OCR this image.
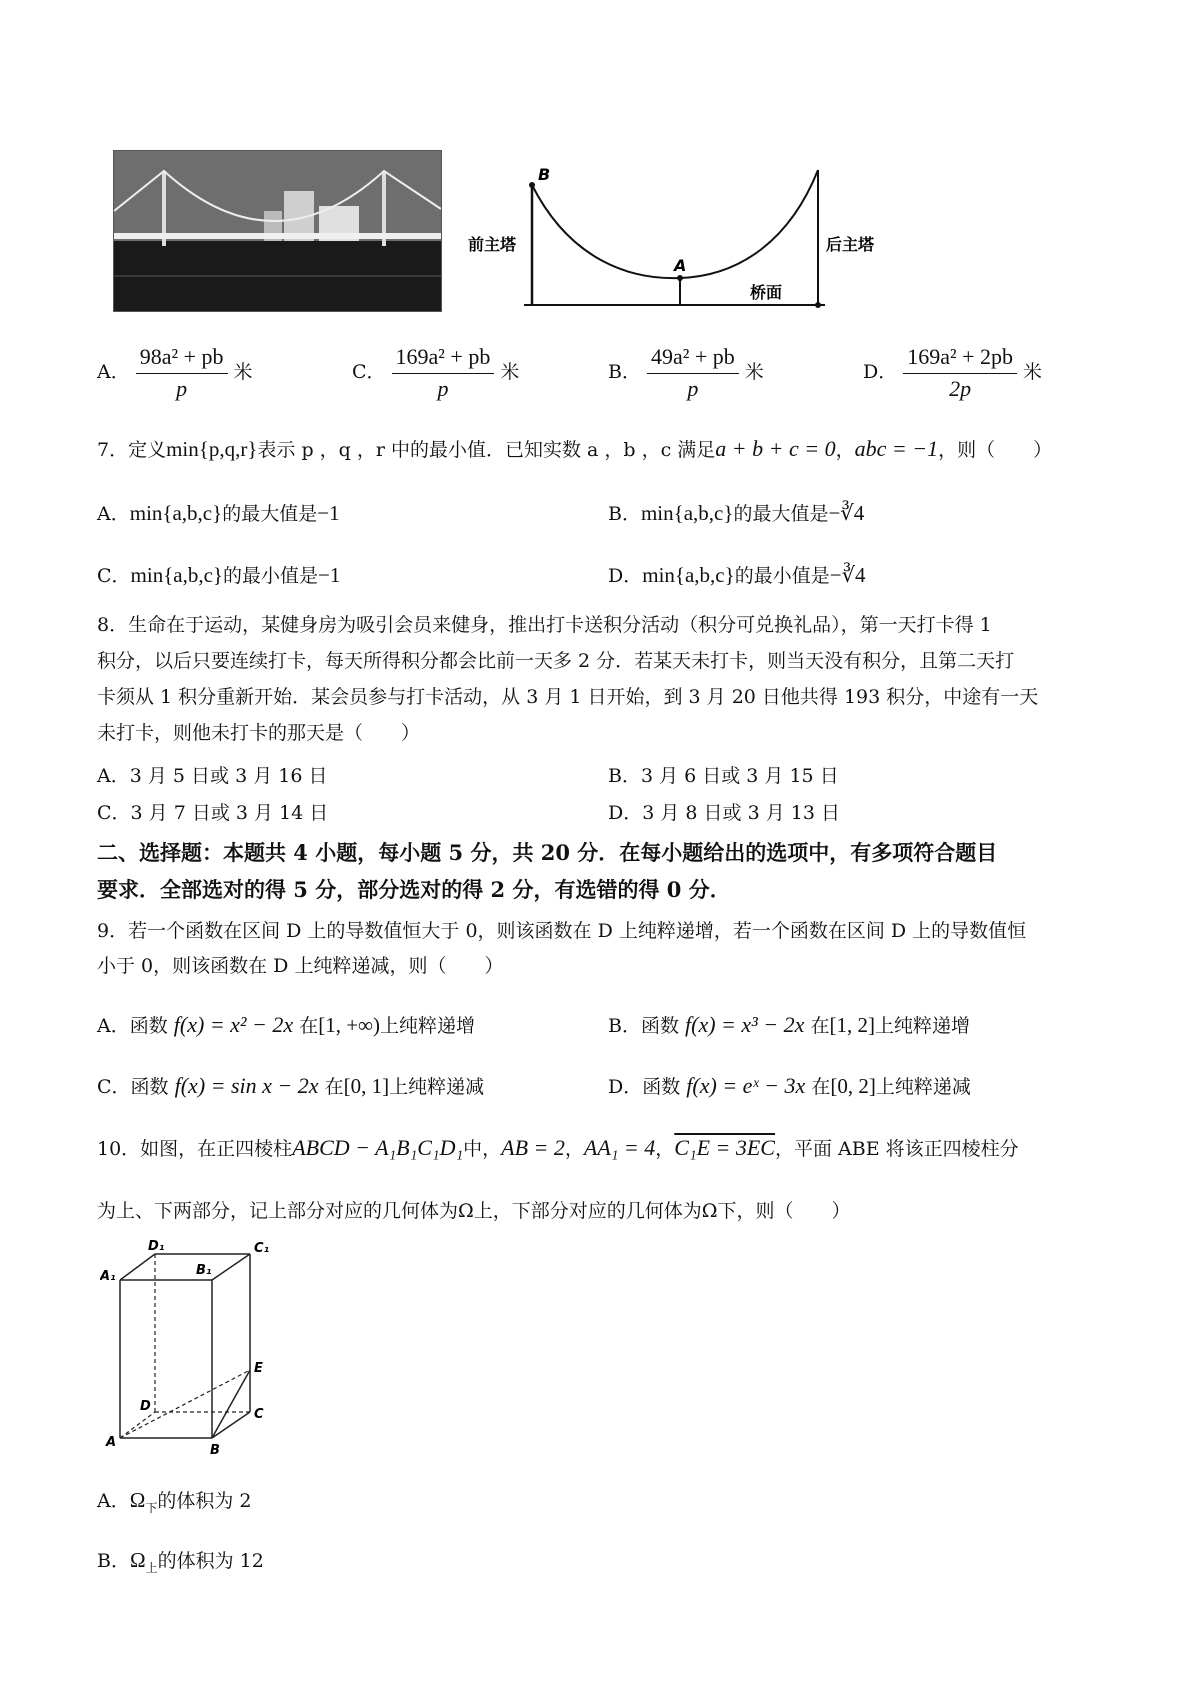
B
A
前主塔	后主塔
桥面
A． $\frac{\text{98a² + pb}}{p}$ 米	C． $\frac{\text{169a² + pb}}{p}$ 米	B． $\frac{\text{49a² + pb}}{p}$ 米	D． $\frac{\text{169a² + 2pb}}{2p}$ 米
7．定义min{p,q,r}表示 p ，q ，r 中的最小值．已知实数 a ，b ，c 满足a + b + c = 0，abc = −1，则（　　）
A．min{a,b,c}的最大值是−1	B．min{a,b,c}的最大值是−∛4
C．min{a,b,c}的最小值是−1	D．min{a,b,c}的最小值是−∛4
8．生命在于运动，某健身房为吸引会员来健身，推出打卡送积分活动（积分可兑换礼品），第一天打卡得 1
积分，以后只要连续打卡，每天所得积分都会比前一天多 2 分．若某天未打卡，则当天没有积分，且第二天打
卡须从 1 积分重新开始．某会员参与打卡活动，从 3 月 1 日开始，到 3 月 20 日他共得 193 积分，中途有一天
未打卡，则他未打卡的那天是（　　）
A．3 月 5 日或 3 月 16 日	B．3 月 6 日或 3 月 15 日
C．3 月 7 日或 3 月 14 日	D．3 月 8 日或 3 月 13 日
二、选择题：本题共 4 小题，每小题 5 分，共 20 分．在每小题给出的选项中，有多项符合题目
要求．全部选对的得 5 分，部分选对的得 2 分，有选错的得 0 分．
9．若一个函数在区间 D 上的导数值恒大于 0，则该函数在 D 上纯粹递增，若一个函数在区间 D 上的导数值恒
小于 0，则该函数在 D 上纯粹递减，则（　　）
A．函数 f(x) = x² − 2x 在[1, +∞)上纯粹递增	B．函数 f(x) = x³ − 2x 在[1, 2]上纯粹递增
C．函数 f(x) = sin x − 2x 在[0, 1]上纯粹递减	D．函数 f(x) = eˣ − 3x 在[0, 2]上纯粹递减
10．如图，在正四棱柱ABCD − A₁B₁C₁D₁中，AB = 2，AA₁ = 4，C₁E = 3EC，平面 ABE 将该正四棱柱分
为上、下两部分，记上部分对应的几何体为Ω上，下部分对应的几何体为Ω下，则（　　）
D₁	C₁
A₁	B₁
E
D
C
A
B
A．$\Omega_下$的体积为 2
B．$\Omega_上$的体积为 12
